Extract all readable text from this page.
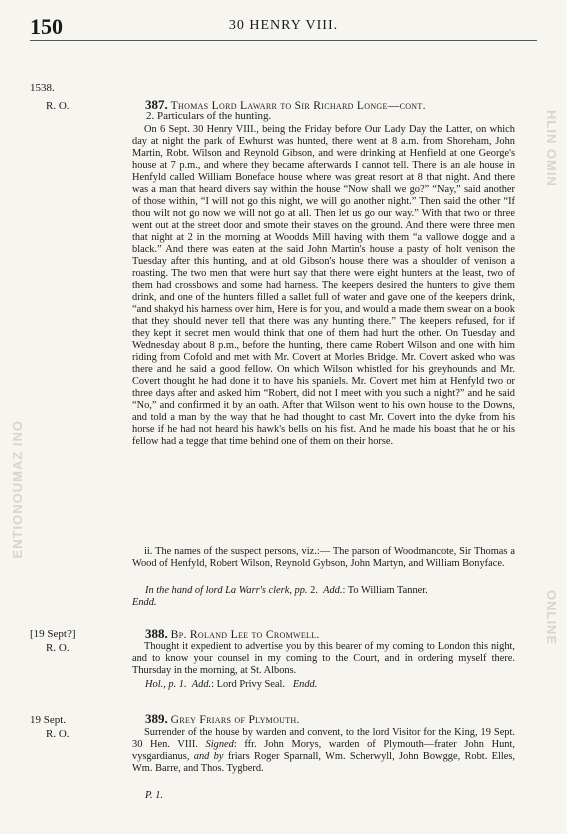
ENTIONOUMAZ INO
HLIN OMIN
ONLINE
150	30 HENRY VIII.
1538.
R. O.	387. Thomas Lord Lawarr to Sir Richard Longe—cont.
2. Particulars of the hunting.

On 6 Sept. 30 Henry VIII., being the Friday before Our Lady Day the Latter, on which day at night the park of Ewhurst was hunted, there went at 8 a.m. from Shoreham, John Martin, Robt. Wilson and Reynold Gibson, and were drinking at Henfield at one George's house at 7 p.m., and where they became afterwards I cannot tell. There is an ale house in Henfyld called William Boneface house where was great resort at 8 that night. And there was a man that heard divers say within the house “Now shall we go?” “Nay,” said another of those within, “I will not go this night, we will go another night.” Then said the other “If thou wilt not go now we will not go at all. Then let us go our way.” With that two or three went out at the street door and smote their staves on the ground. And there were three men that night at 2 in the morning at Woodds Mill having with them “a vallowe dogge and a black.” And there was eaten at the said John Martin's house a pasty of holt venison the Tuesday after this hunting, and at old Gibson's house there was a shoulder of venison a roasting. The two men that were hurt say that there were eight hunters at the least, two of them had crossbows and some had harness. The keepers desired the hunters to give them drink, and one of the hunters filled a sallet full of water and gave one of the keepers drink, “and shakyd his harness over him, Here is for you, and would a made them swear on a book that they should never tell that there was any hunting there.” The keepers refused, for if they kept it secret men would think that one of them had hurt the other. On Tuesday and Wednesday about 8 p.m., before the hunting, there came Robert Wilson and one with him riding from Cofold and met with Mr. Covert at Morles Bridge. Mr. Covert asked who was there and he said a good fellow. On which Wilson whistled for his greyhounds and Mr. Covert thought he had done it to have his spaniels. Mr. Covert met him at Henfyld two or three days after and asked him “Robert, did not I meet with you such a night?” and he said “No,” and confirmed it by an oath. After that Wilson went to his own house to the Downs, and told a man by the way that he had thought to cast Mr. Covert into the dyke from his horse if he had not heard his hawk's bells on his fist. And he made his boast that he or his fellow had a tegge that time behind one of them on their horse.

ii. The names of the suspect persons, viz.:— The parson of Woodmancote, Sir Thomas a Wood of Henfyld, Robert Wilson, Reynold Gybson, John Martyn, and William Bonyface.

In the hand of lord La Warr's clerk, pp. 2. Add.: To William Tanner.
Endd.
[19 Sept?]
R. O.
388. Bp. Roland Lee to Cromwell.

Thought it expedient to advertise you by this bearer of my coming to London this night, and to know your counsel in my coming to the Court, and in ordering myself there. Thursday in the morning, at St. Albons.

Hol., p. 1. Add.: Lord Privy Seal. Endd.
19 Sept.
R. O.
389. Grey Friars of Plymouth.

Surrender of the house by warden and convent, to the lord Visitor for the King, 19 Sept. 30 Hen. VIII. Signed: ffr. John Morys, warden of Plymouth—frater John Hunt, vysgardianus, and by friars Roger Sparnall, Wm. Scherwyll, John Bowgge, Robt. Elles, Wm. Barre, and Thos. Tygberd.

P. 1.
